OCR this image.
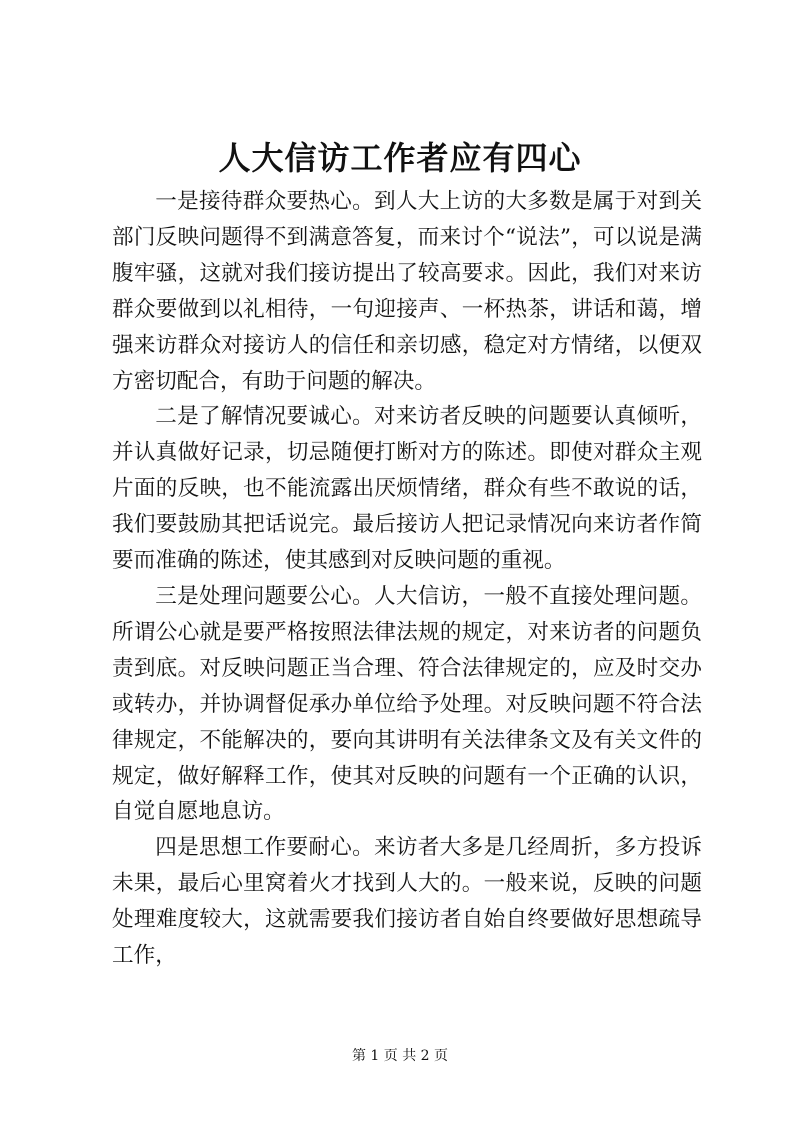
人大信访工作者应有四心

一是接待群众要热心。到人大上访的大多数是属于对到关部门反映问题得不到满意答复，而来讨个“说法”，可以说是满腹牢骚，这就对我们接访提出了较高要求。因此，我们对来访群众要做到以礼相待，一句迎接声、一杯热茶，讲话和蔼，增强来访群众对接访人的信任和亲切感，稳定对方情绪，以便双方密切配合，有助于问题的解决。

二是了解情况要诚心。对来访者反映的问题要认真倾听，并认真做好记录，切忌随便打断对方的陈述。即使对群众主观片面的反映，也不能流露出厌烦情绪，群众有些不敢说的话，我们要鼓励其把话说完。最后接访人把记录情况向来访者作简要而准确的陈述，使其感到对反映问题的重视。

三是处理问题要公心。人大信访，一般不直接处理问题。所谓公心就是要严格按照法律法规的规定，对来访者的问题负责到底。对反映问题正当合理、符合法律规定的，应及时交办或转办，并协调督促承办单位给予处理。对反映问题不符合法律规定，不能解决的，要向其讲明有关法律条文及有关文件的规定，做好解释工作，使其对反映的问题有一个正确的认识，自觉自愿地息访。

四是思想工作要耐心。来访者大多是几经周折，多方投诉未果，最后心里窝着火才找到人大的。一般来说，反映的问题处理难度较大，这就需要我们接访者自始自终要做好思想疏导工作，

第 1 页 共 2 页
